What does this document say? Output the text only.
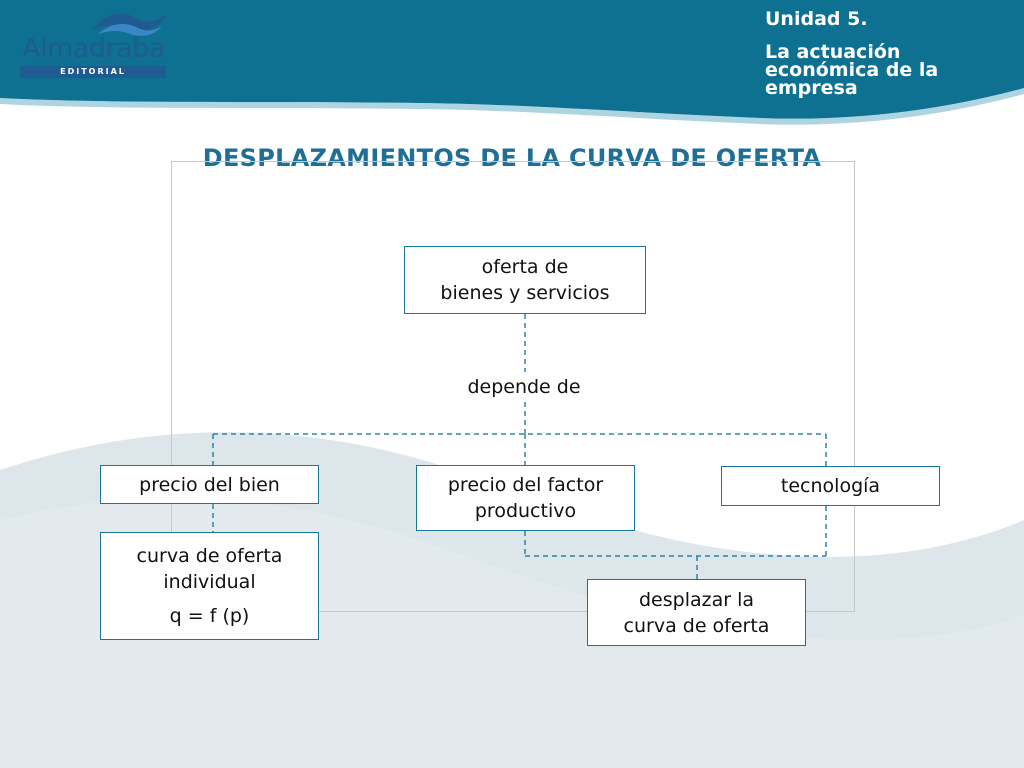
Almadraba
EDITORIAL
Unidad 5.
La actuación
económica de la
empresa
DESPLAZAMIENTOS DE LA CURVA DE OFERTA
oferta de
bienes y servicios
depende de
precio del bien	precio del factor
productivo
tecnología
curva de oferta
individual
q = f (p)
desplazar la
curva de oferta
